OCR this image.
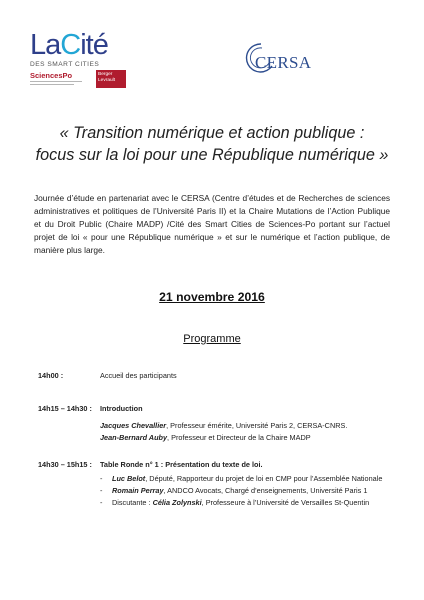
LaCité
DES SMART CITIES
SciencesPo	Berger Levrault
CERSA
« Transition numérique et action publique :
focus sur la loi pour une République numérique »
Journée d’étude en partenariat avec le CERSA (Centre d’études et de Recherches de sciences administratives et politiques de l’Université Paris II) et la Chaire Mutations de l’Action Publique et du Droit Public (Chaire MADP) /Cité des Smart Cities de Sciences-Po portant sur l’actuel projet de loi « pour une République numérique » et sur le numérique et l’action publique, de manière plus large.
21 novembre 2016
Programme
14h00 :	Accueil des participants
14h15 – 14h30 : Introduction
Jacques Chevallier, Professeur émérite, Université Paris 2, CERSA-CNRS.
Jean-Bernard Auby, Professeur et Directeur de la Chaire MADP
14h30 – 15h15 : Table Ronde n° 1 : Présentation du texte de loi.
- Luc Belot, Député, Rapporteur du projet de loi en CMP pour l’Assemblée Nationale
- Romain Perray, ANDCO Avocats, Chargé d’enseignements, Université Paris 1
- Discutante : Célia Zolynski, Professeure à l’Université de Versailles St-Quentin
